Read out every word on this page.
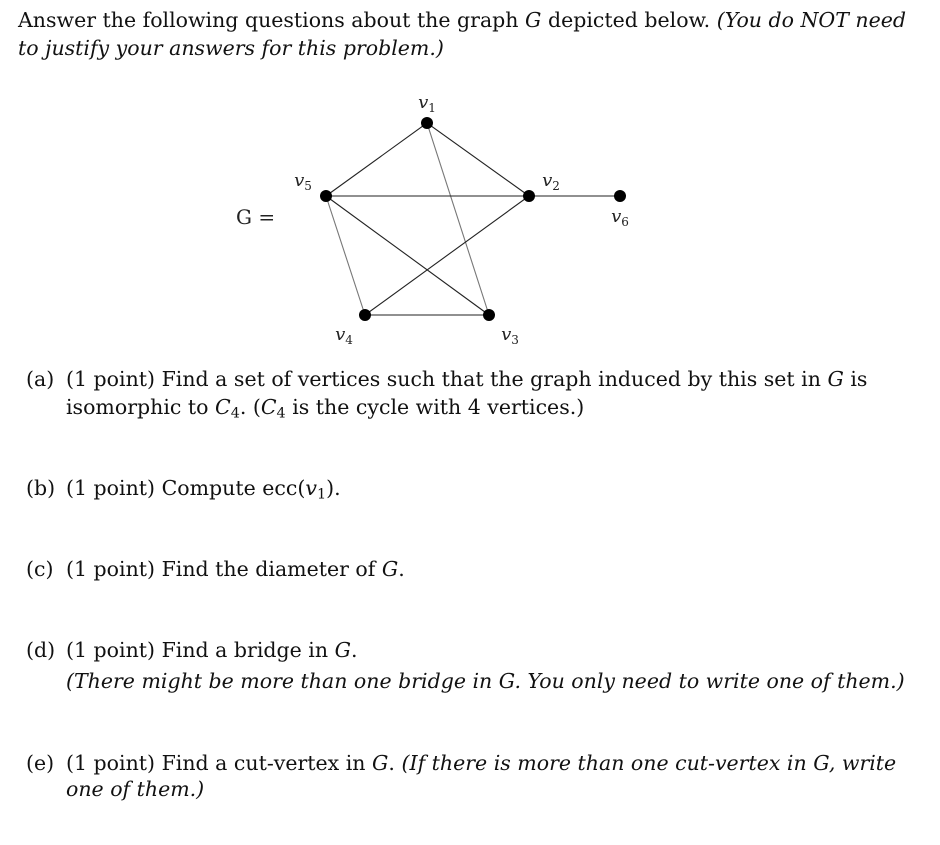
Answer the following questions about the graph G depicted below. (You do NOT need
to justify your answers for this problem.)
G =
$v_1$
$v_2$
$v_3$
$v_4$
$v_5$
$v_6$
(a) (1 point) Find a set of vertices such that the graph induced by this set in G is
isomorphic to $C_4$. ($C_4$ is the cycle with 4 vertices.)
(b) (1 point) Compute $ecc(v_1)$.
(c) (1 point) Find the diameter of G.
(d) (1 point) Find a bridge in G.
(There might be more than one bridge in G. You only need to write one of them.)
(e) (1 point) Find a cut-vertex in G. (If there is more than one cut-vertex in G, write
one of them.)
